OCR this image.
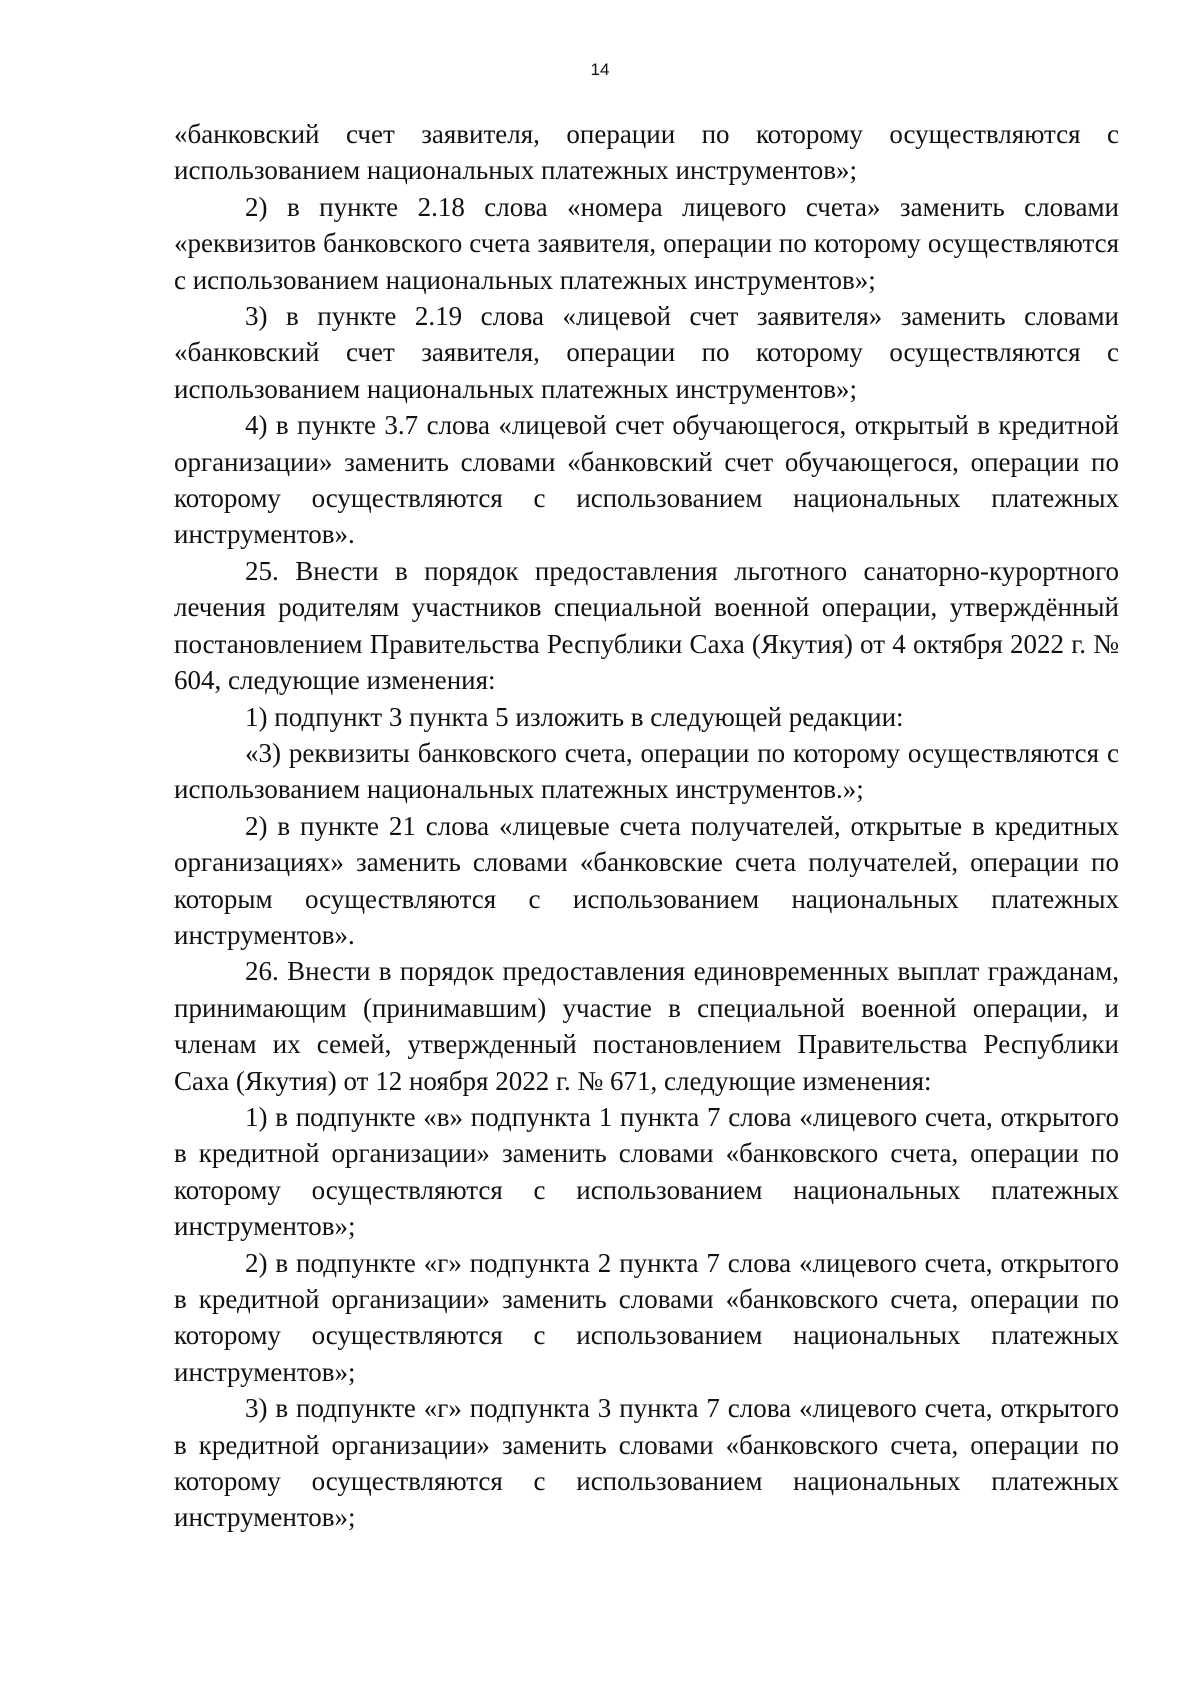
14

«банковский счет заявителя, операции по которому осуществляются с использованием национальных платежных инструментов»;

2) в пункте 2.18 слова «номера лицевого счета» заменить словами «реквизитов банковского счета заявителя, операции по которому осуществляются с использованием национальных платежных инструментов»;

3) в пункте 2.19 слова «лицевой счет заявителя» заменить словами «банковский счет заявителя, операции по которому осуществляются с использованием национальных платежных инструментов»;

4) в пункте 3.7 слова «лицевой счет обучающегося, открытый в кредитной организации» заменить словами «банковский счет обучающегося, операции по которому осуществляются с использованием национальных платежных инструментов».

25. Внести в порядок предоставления льготного санаторно-курортного лечения родителям участников специальной военной операции, утверждённый постановлением Правительства Республики Саха (Якутия) от 4 октября 2022 г. № 604, следующие изменения:

1) подпункт 3 пункта 5 изложить в следующей редакции:

«3) реквизиты банковского счета, операции по которому осуществляются с использованием национальных платежных инструментов.»;

2) в пункте 21 слова «лицевые счета получателей, открытые в кредитных организациях» заменить словами «банковские счета получателей, операции по которым осуществляются с использованием национальных платежных инструментов».

26. Внести в порядок предоставления единовременных выплат гражданам, принимающим (принимавшим) участие в специальной военной операции, и членам их семей, утвержденный постановлением Правительства Республики Саха (Якутия) от 12 ноября 2022 г. № 671, следующие изменения:

1) в подпункте «в» подпункта 1 пункта 7 слова «лицевого счета, открытого в кредитной организации» заменить словами «банковского счета, операции по которому осуществляются с использованием национальных платежных инструментов»;

2) в подпункте «г» подпункта 2 пункта 7 слова «лицевого счета, открытого в кредитной организации» заменить словами «банковского счета, операции по которому осуществляются с использованием национальных платежных инструментов»;

3) в подпункте «г» подпункта 3 пункта 7 слова «лицевого счета, открытого в кредитной организации» заменить словами «банковского счета, операции по которому осуществляются с использованием национальных платежных инструментов»;
